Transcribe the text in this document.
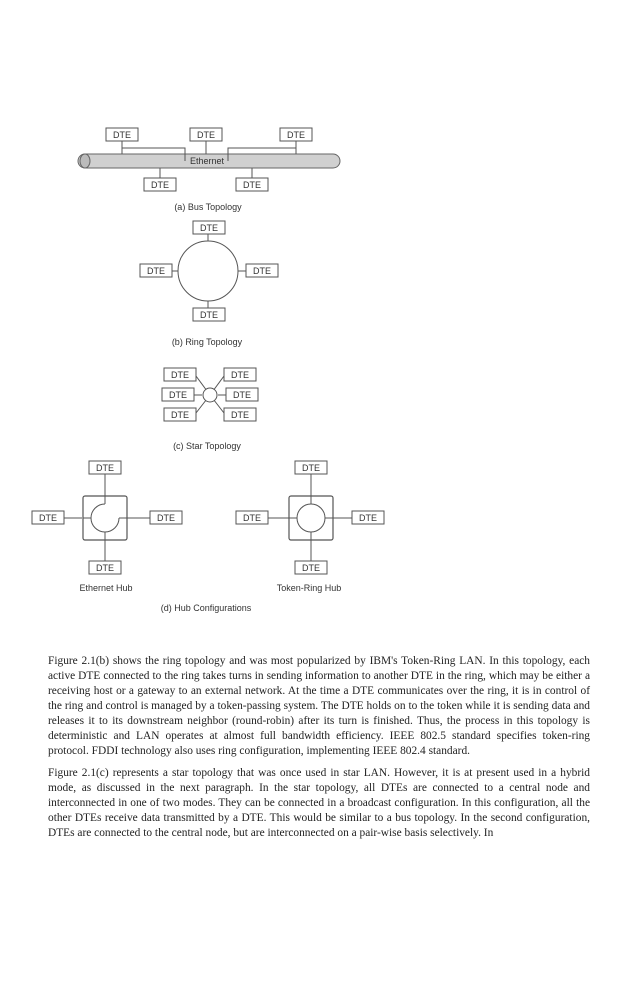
Ethernet
DTE	DTE	DTE
DTE	DTE
(a) Bus Topology
DTE
DTE	DTE
DTE
(b) Ring Topology
DTE	DTE
DTE	DTE
DTE	DTE
(c) Star Topology
DTE
DTE	DTE
DTE
Ethernet Hub
DTE
DTE	DTE
DTE
Token-Ring Hub
(d) Hub Configurations

Figure 2.1(b) shows the ring topology and was most popularized by IBM's Token-Ring LAN. In this topology, each active DTE connected to the ring takes turns in sending information to another DTE in the ring, which may be either a receiving host or a gateway to an external network. At the time a DTE communicates over the ring, it is in control of the ring and control is managed by a token-passing system. The DTE holds on to the token while it is sending data and releases it to its downstream neighbor (round-robin) after its turn is finished. Thus, the process in this topology is deterministic and LAN operates at almost full bandwidth efficiency. IEEE 802.5 standard specifies token-ring protocol. FDDI technology also uses ring configuration, implementing IEEE 802.4 standard.

Figure 2.1(c) represents a star topology that was once used in star LAN. However, it is at present used in a hybrid mode, as discussed in the next paragraph. In the star topology, all DTEs are connected to a central node and interconnected in one of two modes. They can be connected in a broadcast configuration. In this configuration, all the other DTEs receive data transmitted by a DTE. This would be similar to a bus topology. In the second configuration, DTEs are connected to the central node, but are interconnected on a pair-wise basis selectively. In
